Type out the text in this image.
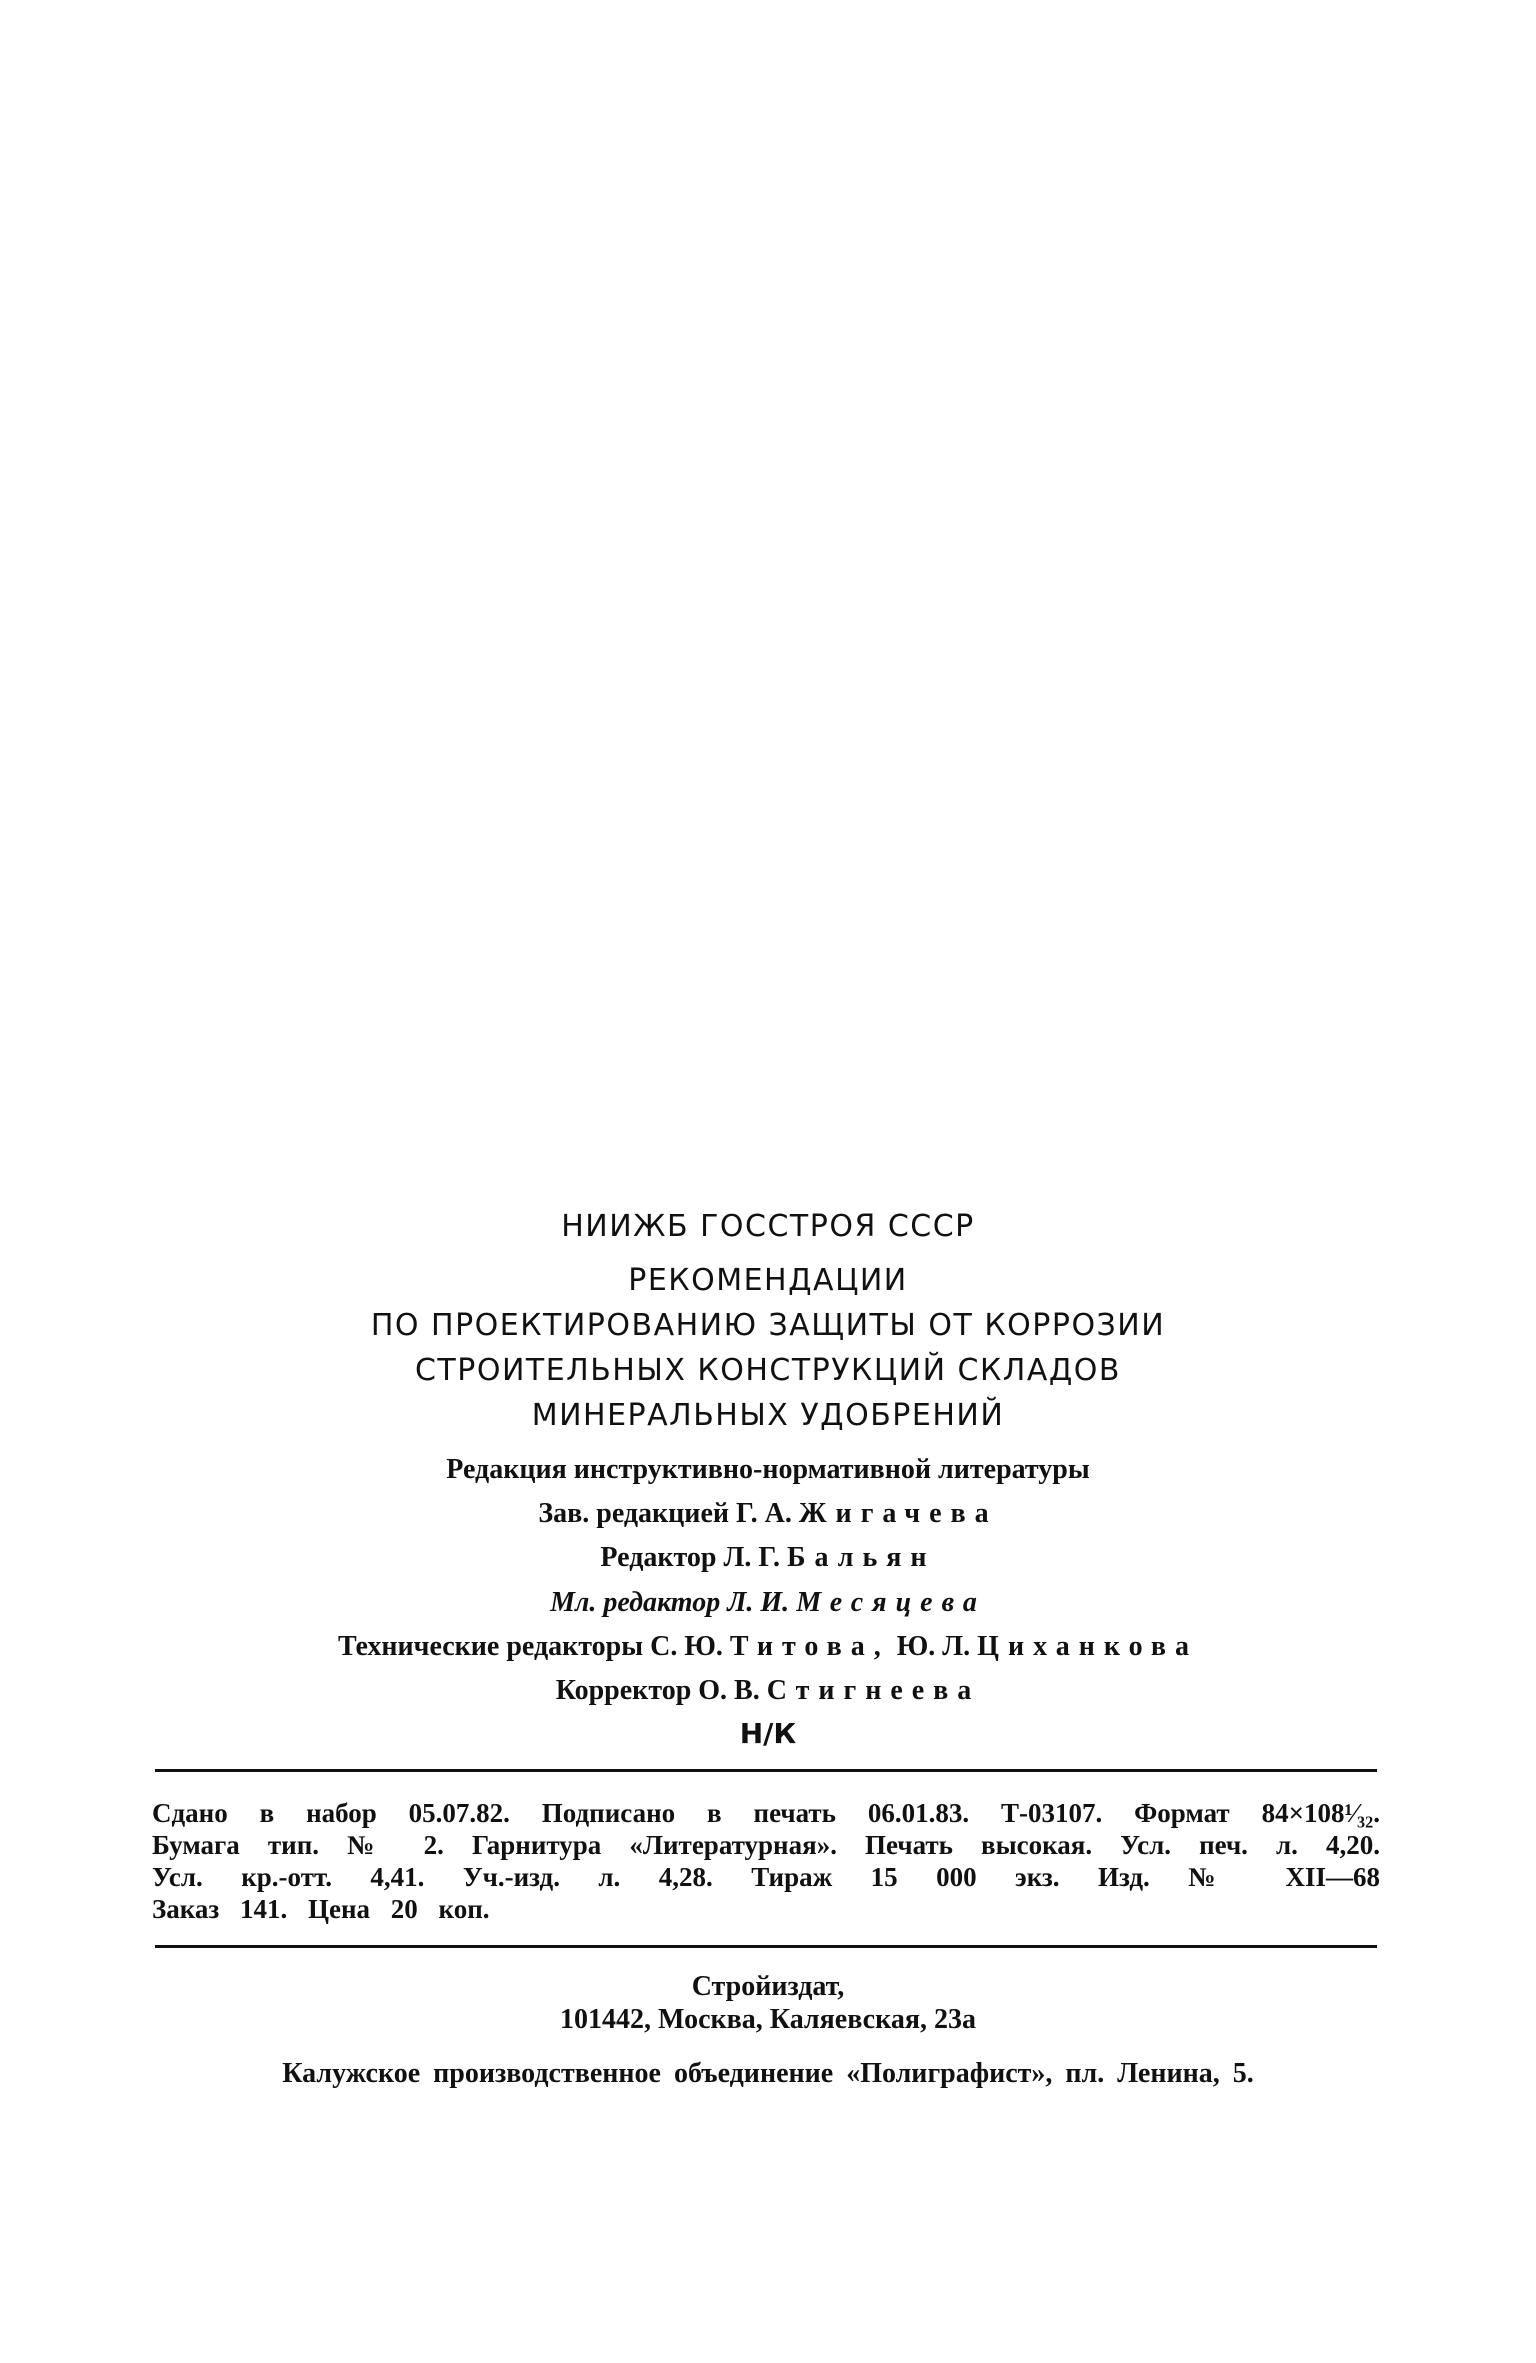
НИИЖБ ГОССТРОЯ СССР
РЕКОМЕНДАЦИИ
ПО ПРОЕКТИРОВАНИЮ ЗАЩИТЫ ОТ КОРРОЗИИ
СТРОИТЕЛЬНЫХ КОНСТРУКЦИЙ СКЛАДОВ
МИНЕРАЛЬНЫХ УДОБРЕНИЙ
Редакция инструктивно-нормативной литературы
Зав. редакцией Г. А. Жигачева
Редактор Л. Г. Бальян
Мл. редактор Л. И. Месяцева
Технические редакторы С. Ю. Титова, Ю. Л. Циханкова
Корректор О. В. Стигнеева
Н/К
Сдано в набор 05.07.82. Подписано в печать 06.01.83. Т-03107. Формат 84×108¹⁄₃₂.
Бумага тип. № 2. Гарнитура «Литературная». Печать высокая. Усл. печ. л. 4,20.
Усл. кр.-отт. 4,41. Уч.-изд. л. 4,28. Тираж 15 000 экз. Изд. № XII—68
Заказ 141. Цена 20 коп.
Стройиздат,
101442, Москва, Каляевская, 23а
Калужское производственное объединение «Полиграфист», пл. Ленина, 5.
